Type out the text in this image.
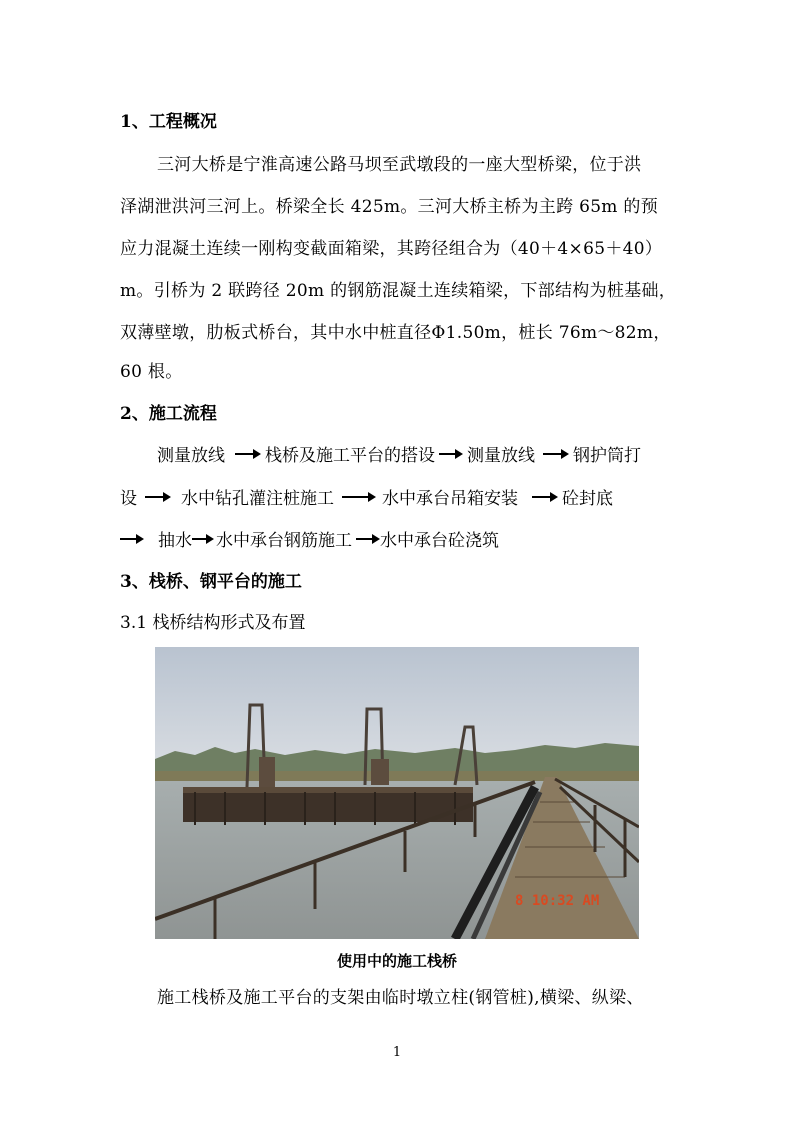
1、工程概况
三河大桥是宁淮高速公路马坝至武墩段的一座大型桥梁，位于洪
泽湖泄洪河三河上。桥梁全长 425m。三河大桥主桥为主跨 65m 的预
应力混凝土连续一刚构变截面箱梁，其跨径组合为（40＋4×65＋40）
m。引桥为 2 联跨径 20m 的钢筋混凝土连续箱梁，下部结构为桩基础，
双薄壁墩，肋板式桥台，其中水中桩直径Φ1.50m，桩长 76m～82m，
60 根。
2、施工流程
测量放线 栈桥及施工平台的搭设 测量放线 钢护筒打
设	水中钻孔灌注桩施工	水中承台吊箱安装	砼封底
抽水 水中承台钢筋施工 水中承台砼浇筑
3、栈桥、钢平台的施工
3.1 栈桥结构形式及布置
8 10:32 AM
使用中的施工栈桥
施工栈桥及施工平台的支架由临时墩立柱(钢管桩),横梁、纵梁、
1
